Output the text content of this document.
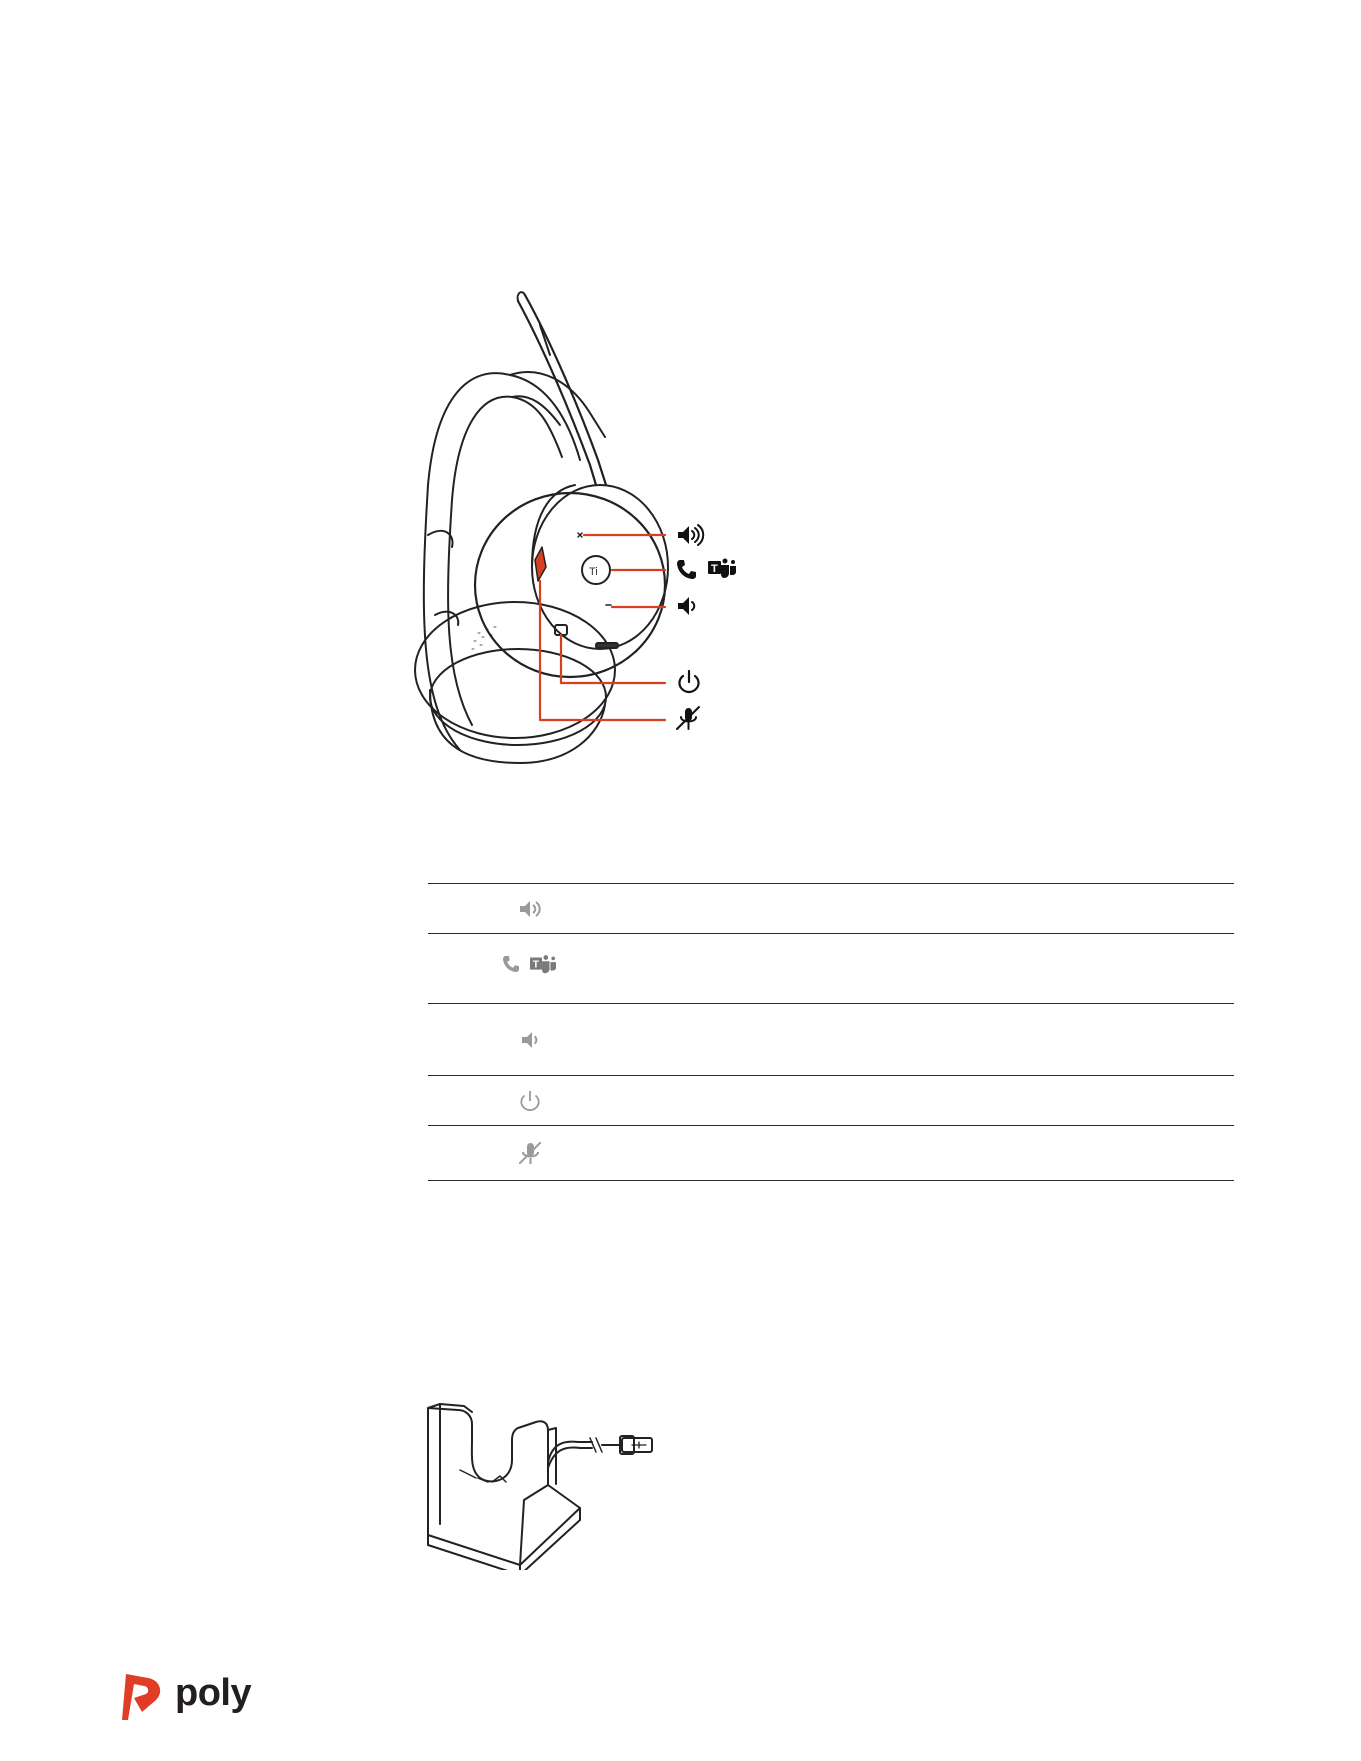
Ti	T
T
poly
